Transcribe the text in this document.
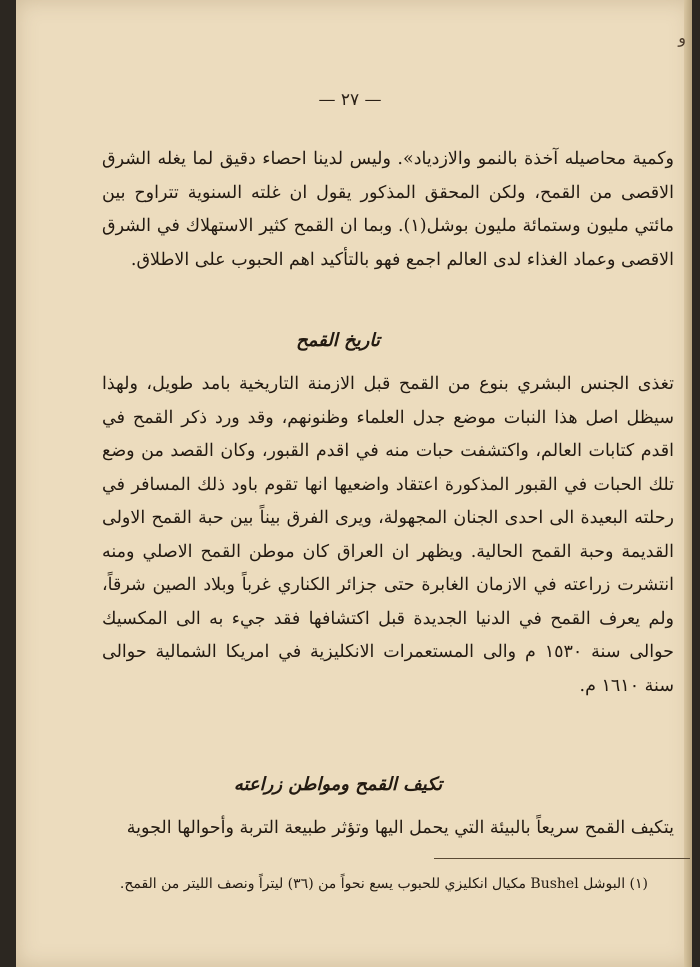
و
— ٢٧ —
وكمية محاصيله آخذة بالنمو والازدياد». وليس لدينا احصاء دقيق لما يغله الشرق الاقصى من القمح، ولكن المحقق المذكور يقول ان غلته السنوية تتراوح بين مائتي مليون وستمائة مليون بوشل(١). وبما ان القمح كثير الاستهلاك في الشرق الاقصى وعماد الغذاء لدى العالم اجمع فهو بالتأكيد اهم الحبوب على الاطلاق.
تاريخ القمح
تغذى الجنس البشري بنوع من القمح قبل الازمنة التاريخية بامد طويل، ولهذا سيظل اصل هذا النبات موضع جدل العلماء وظنونهم، وقد ورد ذكر القمح في اقدم كتابات العالم، واكتشفت حبات منه في اقدم القبور، وكان القصد من وضع تلك الحبات في القبور المذكورة اعتقاد واضعيها انها تقوم باود ذلك المسافر في رحلته البعيدة الى احدى الجنان المجهولة، ويرى الفرق بيناً بين حبة القمح الاولى القديمة وحبة القمح الحالية. ويظهر ان العراق كان موطن القمح الاصلي ومنه انتشرت زراعته في الازمان الغابرة حتى جزائر الكناري غرباً وبلاد الصين شرقاً، ولم يعرف القمح في الدنيا الجديدة قبل اكتشافها فقد جيء به الى المكسيك حوالى سنة ١٥٣٠ م والى المستعمرات الانكليزية في امريكا الشمالية حوالى سنة ١٦١٠ م.
تكيف القمح ومواطن زراعته
يتكيف القمح سريعاً بالبيئة التي يحمل اليها وتؤثر طبيعة التربة وأحوالها الجوية
(١) البوشل Bushel مكيال انكليزي للحبوب يسع نحواً من (٣٦) ليتراً ونصف الليتر من القمح.
